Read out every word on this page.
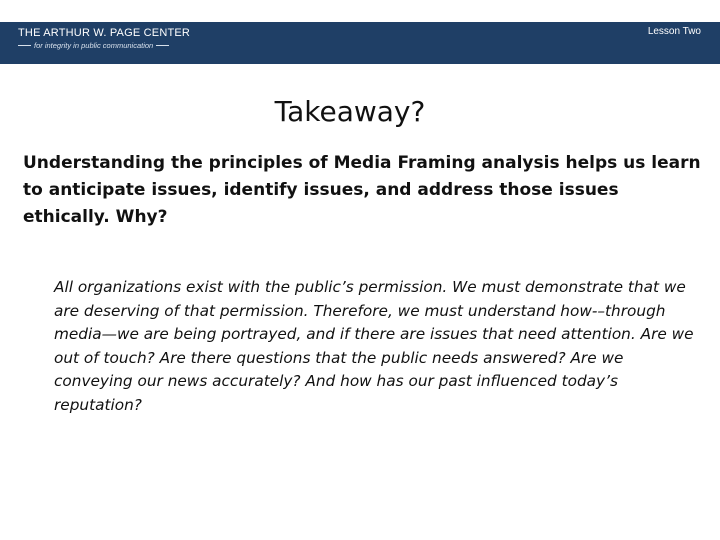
THE ARTHUR W. PAGE CENTER
for integrity in public communication
Lesson Two
Takeaway?

Understanding the principles of Media Framing analysis helps us learn to anticipate issues, identify issues, and address those issues ethically. Why?

All organizations exist with the public’s permission. We must demonstrate that we are deserving of that permission. Therefore, we must understand how-–through media—we are being portrayed, and if there are issues that need attention. Are we out of touch? Are there questions that the public needs answered? Are we conveying our news accurately? And how has our past influenced today’s reputation?
